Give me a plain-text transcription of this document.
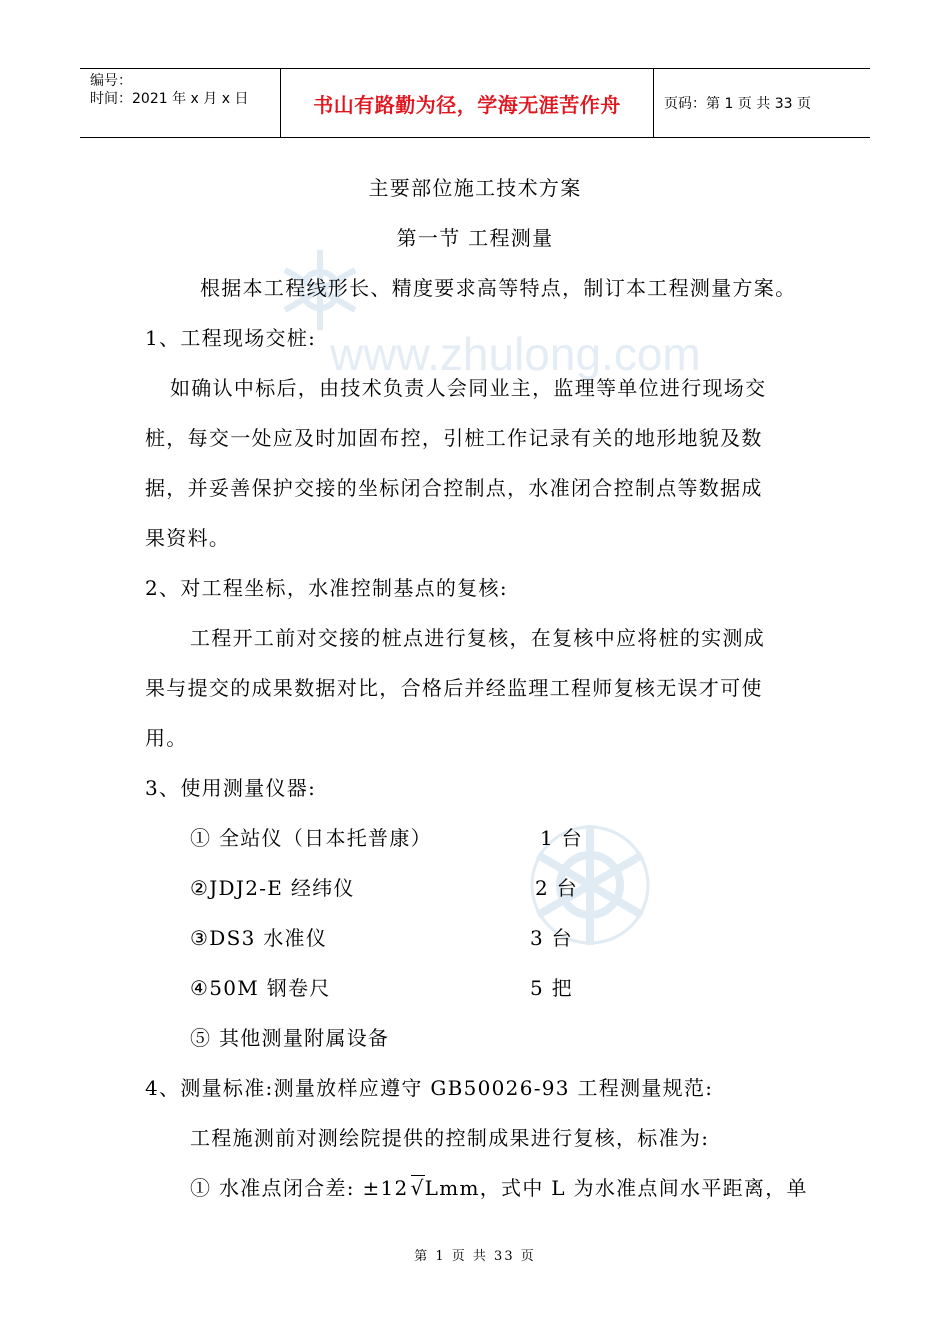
编号：
时间：2021 年 x 月 x 日	书山有路勤为径，学海无涯苦作舟	页码：第 1 页 共 33 页
www.zhulong.com
主要部位施工技术方案
第一节 工程测量
根据本工程线形长、精度要求高等特点，制订本工程测量方案。
1、工程现场交桩:
如确认中标后，由技术负责人会同业主，监理等单位进行现场交
桩，每交一处应及时加固布控，引桩工作记录有关的地形地貌及数
据，并妥善保护交接的坐标闭合控制点，水准闭合控制点等数据成
果资料。
2、对工程坐标，水准控制基点的复核:
工程开工前对交接的桩点进行复核，在复核中应将桩的实测成
果与提交的成果数据对比，合格后并经监理工程师复核无误才可使
用。
3、使用测量仪器:
① 全站仪（日本托普康）	1 台
②JDJ2-E 经纬仪	2 台
③DS3 水准仪	3 台
④50M 钢卷尺	5 把
⑤ 其他测量附属设备
4、测量标准:测量放样应遵守 GB50026-93 工程测量规范:
工程施测前对测绘院提供的控制成果进行复核，标准为:
① 水准点闭合差: ±12 √Lmm，式中 L 为水准点间水平距离，单
第 1 页 共 33 页
